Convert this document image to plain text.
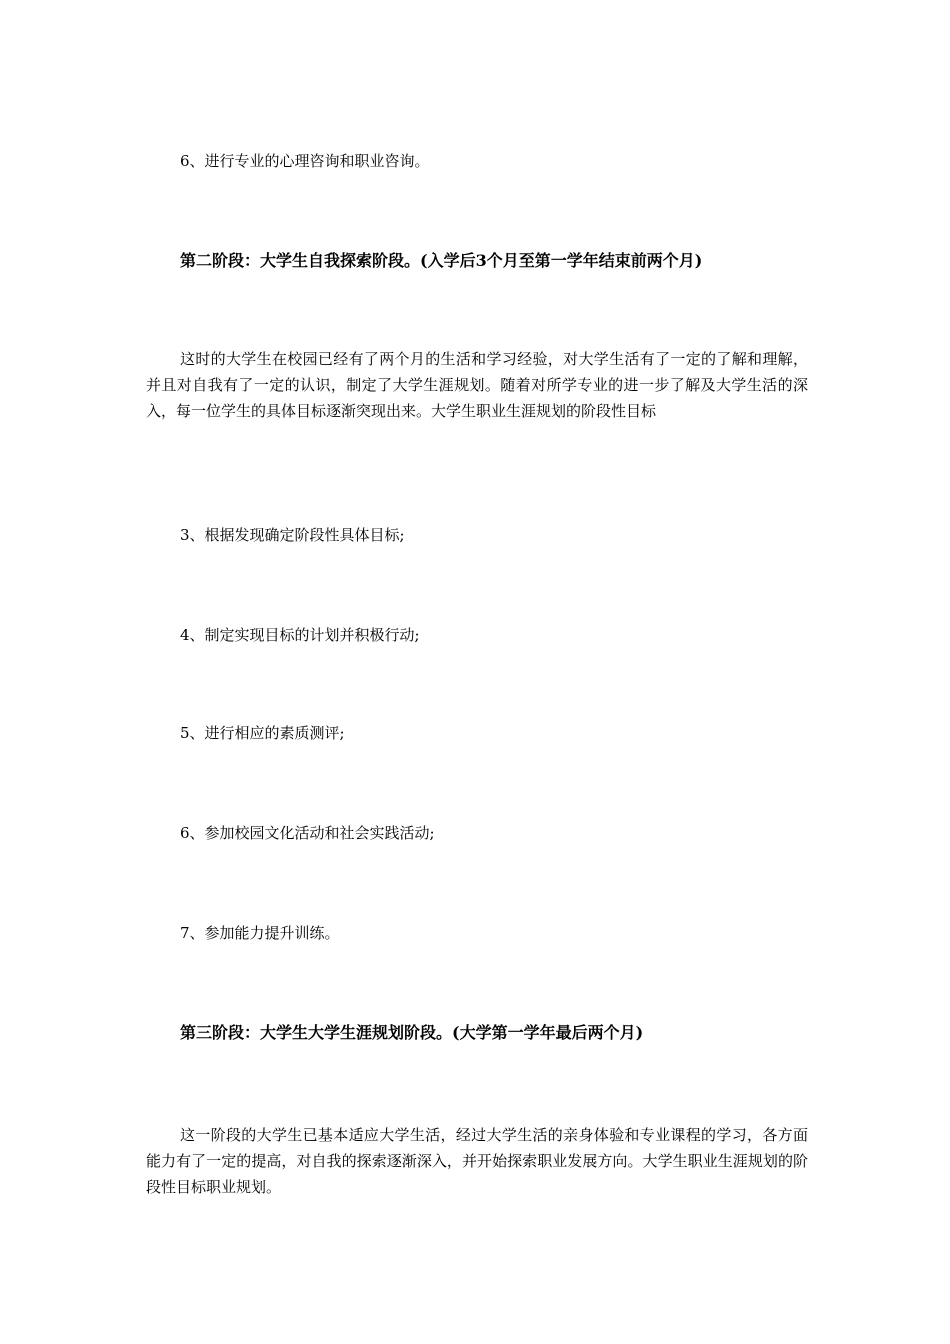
6、进行专业的心理咨询和职业咨询。
第二阶段：大学生自我探索阶段。(入学后3个月至第一学年结束前两个月)
这时的大学生在校园已经有了两个月的生活和学习经验，对大学生活有了一定的了解和理解，并且对自我有了一定的认识，制定了大学生涯规划。随着对所学专业的进一步了解及大学生活的深入，每一位学生的具体目标逐渐突现出来。大学生职业生涯规划的阶段性目标
3、根据发现确定阶段性具体目标;
4、制定实现目标的计划并积极行动;
5、进行相应的素质测评;
6、参加校园文化活动和社会实践活动;
7、参加能力提升训练。
第三阶段：大学生大学生涯规划阶段。(大学第一学年最后两个月)
这一阶段的大学生已基本适应大学生活，经过大学生活的亲身体验和专业课程的学习，各方面能力有了一定的提高，对自我的探索逐渐深入，并开始探索职业发展方向。大学生职业生涯规划的阶段性目标职业规划。
